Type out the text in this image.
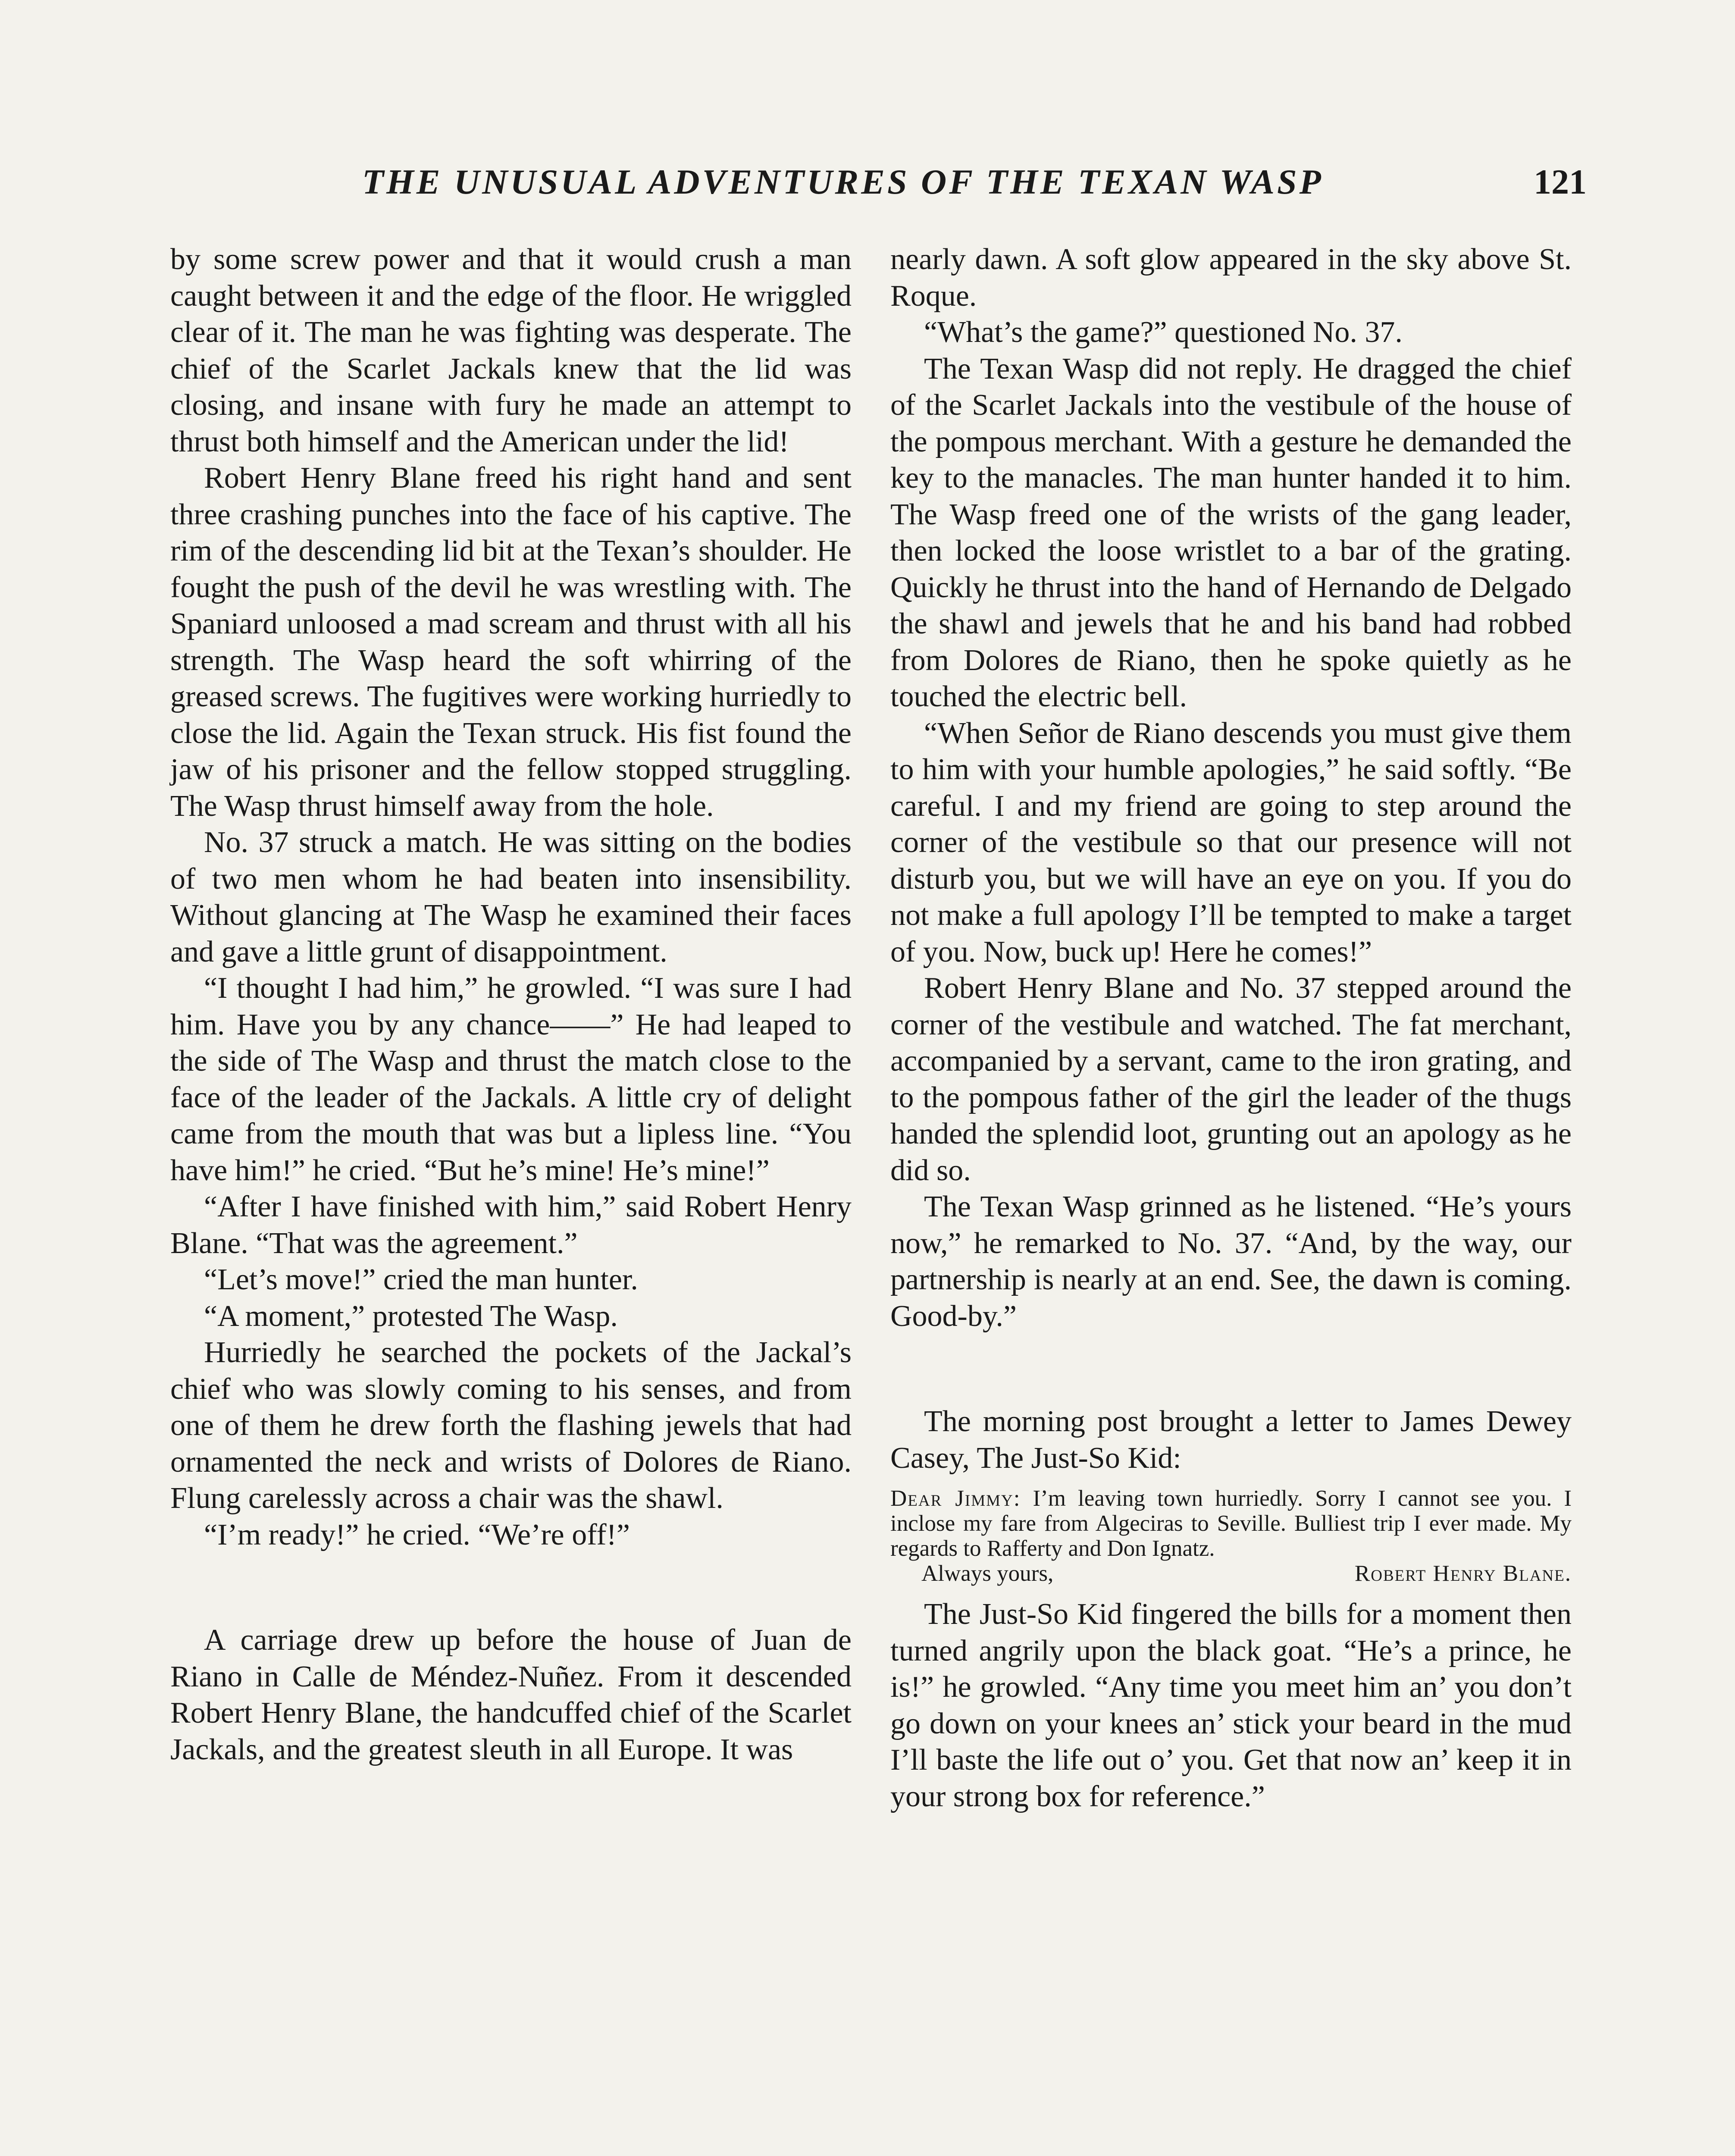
THE UNUSUAL ADVENTURES OF THE TEXAN WASP	121

by some screw power and that it would crush a man caught between it and the edge of the floor. He wriggled clear of it. The man he was fighting was desperate. The chief of the Scarlet Jackals knew that the lid was closing, and insane with fury he made an attempt to thrust both himself and the American under the lid!

Robert Henry Blane freed his right hand and sent three crashing punches into the face of his captive. The rim of the descending lid bit at the Texan’s shoulder. He fought the push of the devil he was wrestling with. The Spaniard unloosed a mad scream and thrust with all his strength. The Wasp heard the soft whirring of the greased screws. The fugitives were working hurriedly to close the lid. Again the Texan struck. His fist found the jaw of his prisoner and the fellow stopped struggling. The Wasp thrust himself away from the hole.

No. 37 struck a match. He was sitting on the bodies of two men whom he had beaten into insensibility. Without glancing at The Wasp he examined their faces and gave a little grunt of disappointment.

“I thought I had him,” he growled. “I was sure I had him. Have you by any chance——” He had leaped to the side of The Wasp and thrust the match close to the face of the leader of the Jackals. A little cry of delight came from the mouth that was but a lipless line. “You have him!” he cried. “But he’s mine! He’s mine!”

“After I have finished with him,” said Robert Henry Blane. “That was the agreement.”

“Let’s move!” cried the man hunter.

“A moment,” protested The Wasp.

Hurriedly he searched the pockets of the Jackal’s chief who was slowly coming to his senses, and from one of them he drew forth the flashing jewels that had ornamented the neck and wrists of Dolores de Riano. Flung carelessly across a chair was the shawl.

“I’m ready!” he cried. “We’re off!”

A carriage drew up before the house of Juan de Riano in Calle de Méndez-Nuñez. From it descended Robert Henry Blane, the handcuffed chief of the Scarlet Jackals, and the greatest sleuth in all Europe. It was

nearly dawn. A soft glow appeared in the sky above St. Roque.

“What’s the game?” questioned No. 37.

The Texan Wasp did not reply. He dragged the chief of the Scarlet Jackals into the vestibule of the house of the pompous merchant. With a gesture he demanded the key to the manacles. The man hunter handed it to him. The Wasp freed one of the wrists of the gang leader, then locked the loose wristlet to a bar of the grating. Quickly he thrust into the hand of Hernando de Delgado the shawl and jewels that he and his band had robbed from Dolores de Riano, then he spoke quietly as he touched the electric bell.

“When Señor de Riano descends you must give them to him with your humble apologies,” he said softly. “Be careful. I and my friend are going to step around the corner of the vestibule so that our presence will not disturb you, but we will have an eye on you. If you do not make a full apology I’ll be tempted to make a target of you. Now, buck up! Here he comes!”

Robert Henry Blane and No. 37 stepped around the corner of the vestibule and watched. The fat merchant, accompanied by a servant, came to the iron grating, and to the pompous father of the girl the leader of the thugs handed the splendid loot, grunting out an apology as he did so.

The Texan Wasp grinned as he listened. “He’s yours now,” he remarked to No. 37. “And, by the way, our partnership is nearly at an end. See, the dawn is coming. Good-by.”

The morning post brought a letter to James Dewey Casey, The Just-So Kid:

Dear Jimmy: I’m leaving town hurriedly. Sorry I cannot see you. I inclose my fare from Algeciras to Seville. Bulliest trip I ever made. My regards to Rafferty and Don Ignatz.
Always yours,	Robert Henry Blane.

The Just-So Kid fingered the bills for a moment then turned angrily upon the black goat. “He’s a prince, he is!” he growled. “Any time you meet him an’ you don’t go down on your knees an’ stick your beard in the mud I’ll baste the life out o’ you. Get that now an’ keep it in your strong box for reference.”
